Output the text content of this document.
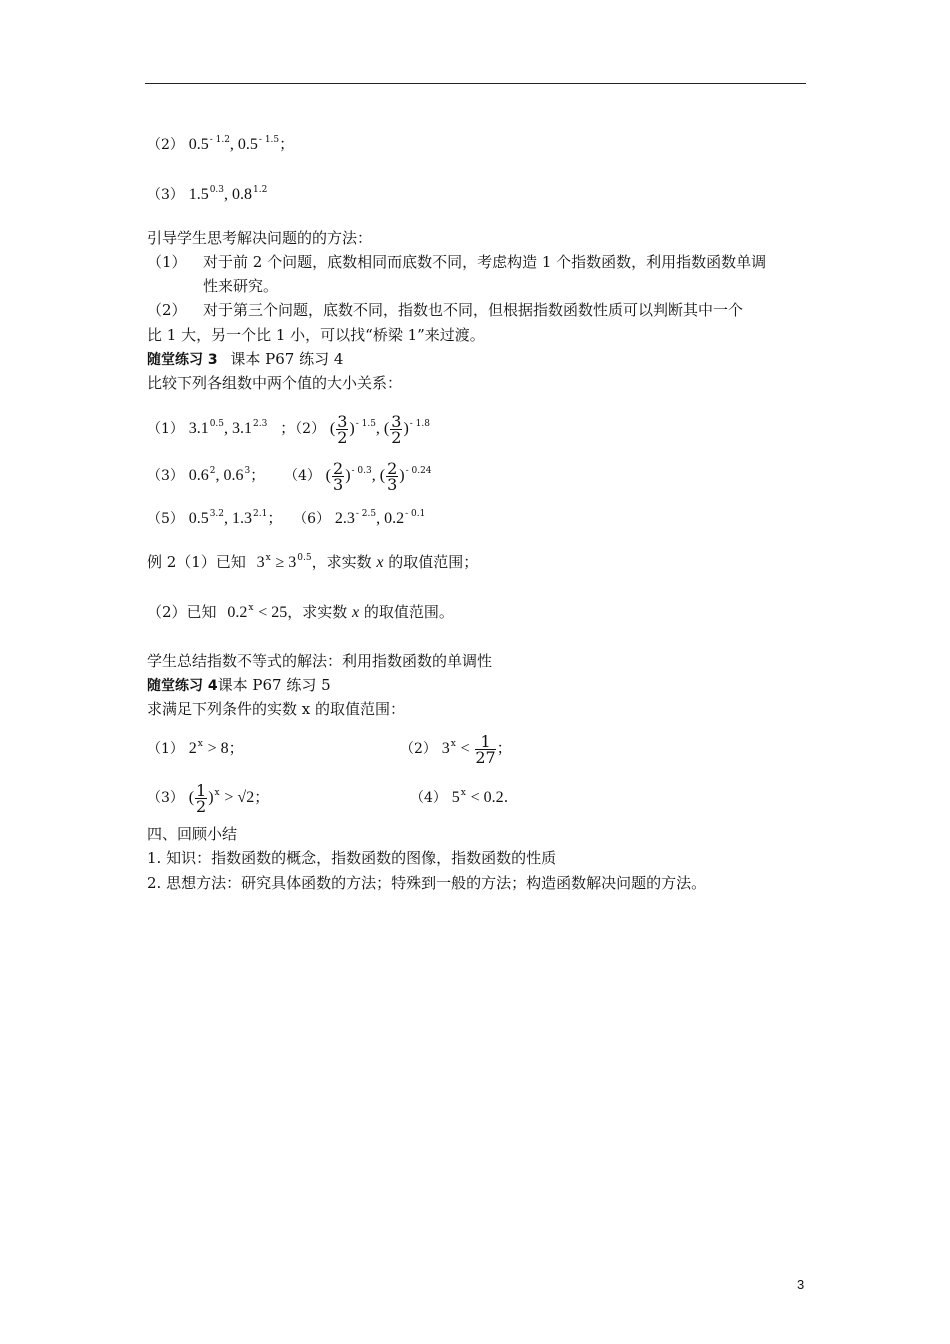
（2） $0.5^{- 1.2}$, $0.5^{- 1.5}$；
（3） $1.5^{0.3}$, $0.8^{1.2}$
引导学生思考解决问题的的方法：
（1） 对于前 2 个问题，底数相同而底数不同，考虑构造 1 个指数函数，利用指数函数单调
性来研究。
（2） 对于第三个问题，底数不同，指数也不同，但根据指数函数性质可以判断其中一个
比 1 大，另一个比 1 小，可以找“桥梁 1”来过渡。
随堂练习 3 课本 P67 练习 4
比较下列各组数中两个值的大小关系：
（1） $3.1^{0.5}$, $3.1^{2.3}$ ；（2） ( $\frac{3}{2} )^{- 1.5}$, ( $\frac{3}{2} )^{- 1.8}$
（3） $0.6^2$, $0.6^3$； （4） ( $\frac{2}{3} )^{- 0.3}$, ( $\frac{2}{3} )^{- 0.24}$
（5） $0.5^{3.2}$, $1.3^{2.1}$； （6） $2.3^{- 2.5}$, $0.2^{- 0.1}$
例 2（1）已知 $3^x \ge 3^{0.5}$，求实数 x 的取值范围；
（2）已知 $0.2^x < 25$，求实数 x 的取值范围。
学生总结指数不等式的解法：利用指数函数的单调性
随堂练习 4课本 P67 练习 5
求满足下列条件的实数 x 的取值范围：
（1） $2^x > 8$；	（2） $3^x < \frac{1}{27}$ ；
（3） ( $\frac{1}{2} )^x > √2$；	（4） $5^x < 0.2$.
四、回顾小结
1. 知识：指数函数的概念，指数函数的图像，指数函数的性质
2. 思想方法：研究具体函数的方法；特殊到一般的方法；构造函数解决问题的方法。
3
